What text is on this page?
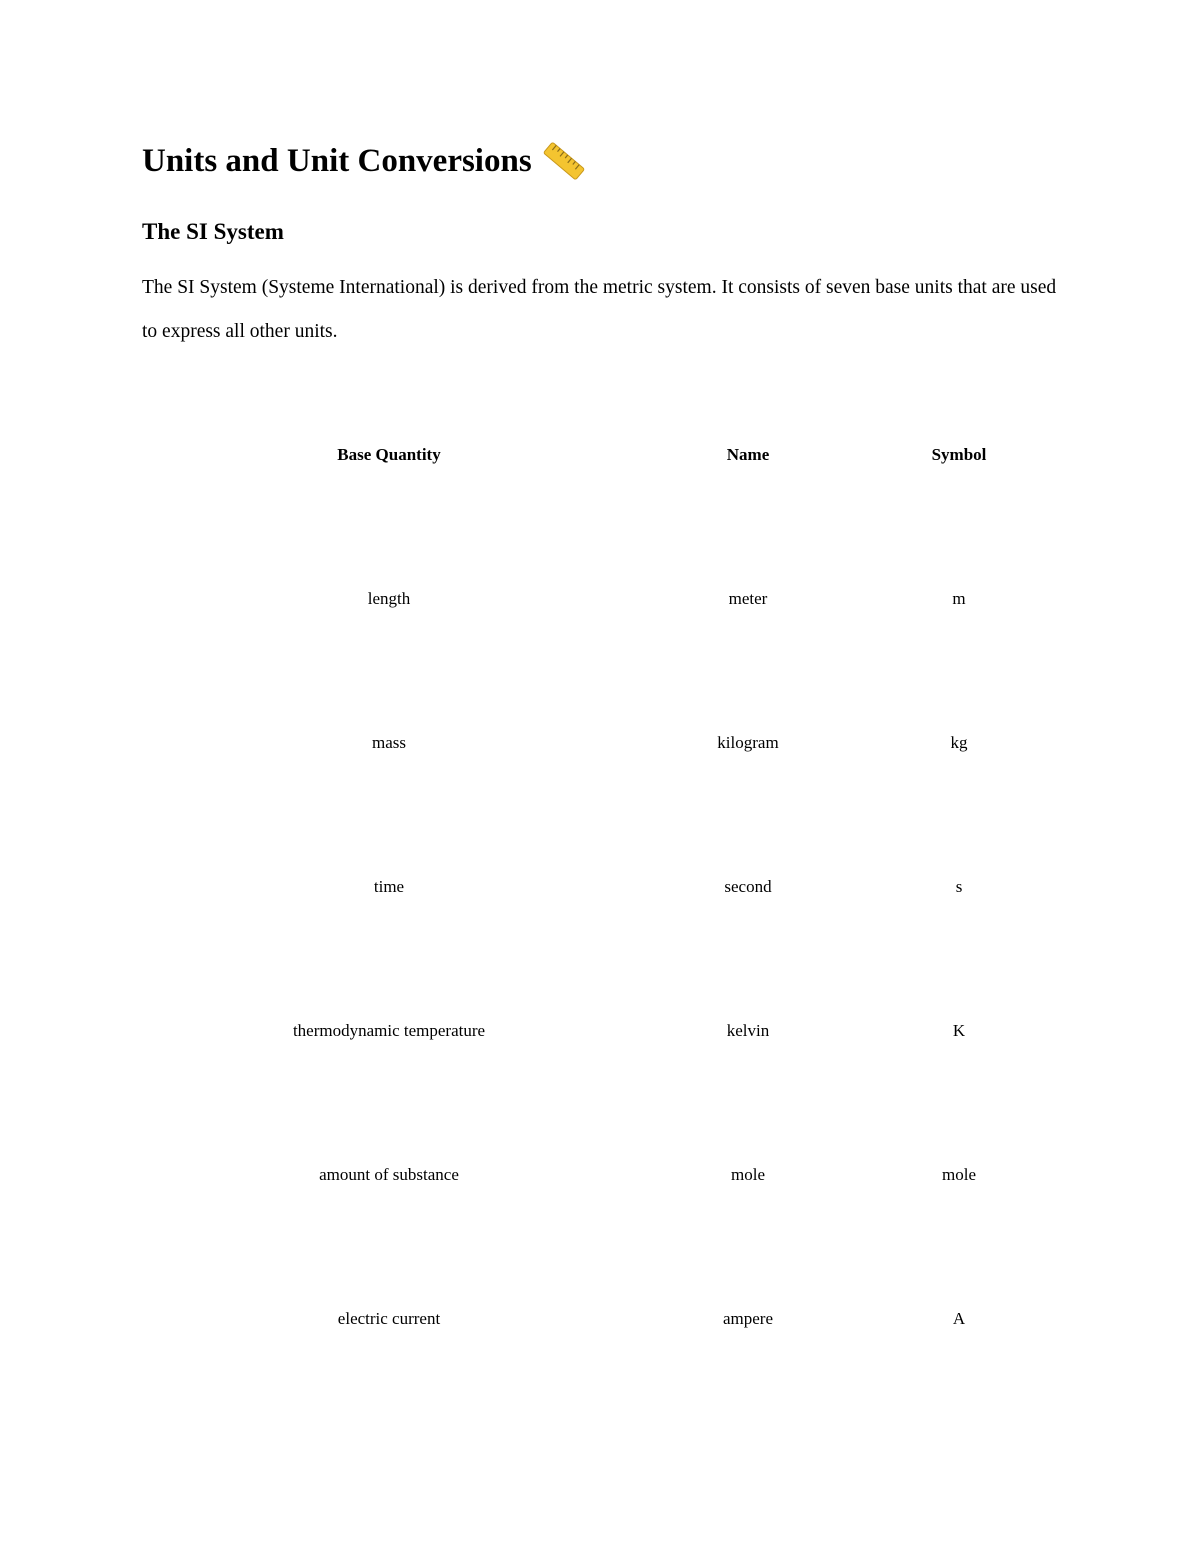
Units and Unit Conversions
The SI System

The SI System (Systeme International) is derived from the metric system. It consists of seven base units that are used to express all other units.

Base Quantity	Name	Symbol
length	meter	m
mass	kilogram	kg
time	second	s
thermodynamic temperature	kelvin	K
amount of substance	mole	mole
electric current	ampere	A
